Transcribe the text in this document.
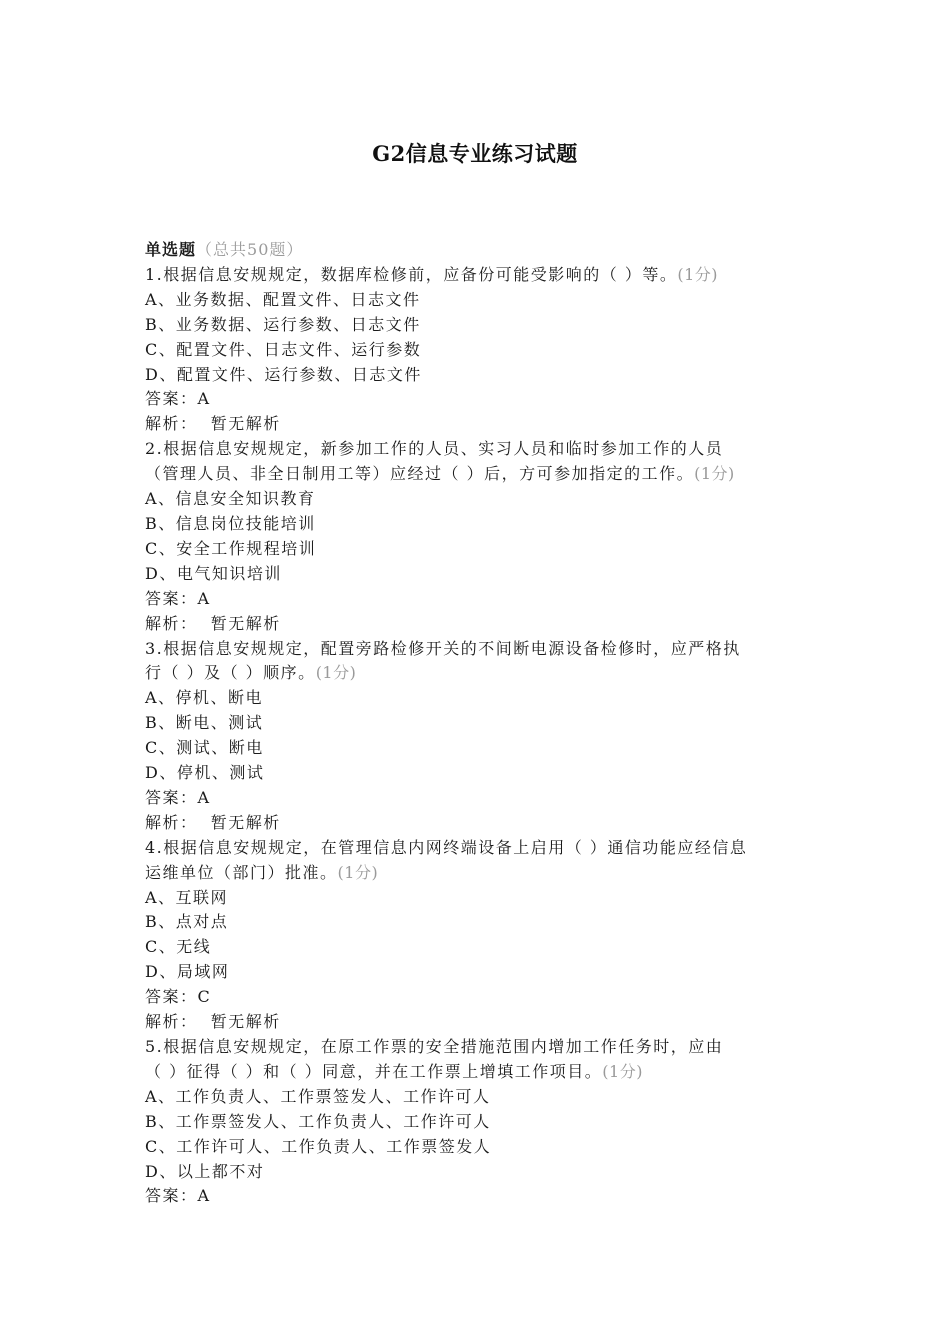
G2信息专业练习试题
单选题（总共50题）
1.根据信息安规规定，数据库检修前，应备份可能受影响的（ ）等。(1分)
A、业务数据、配置文件、日志文件
B、业务数据、运行参数、日志文件
C、配置文件、日志文件、运行参数
D、配置文件、运行参数、日志文件
答案：A
解析： 暂无解析
2.根据信息安规规定，新参加工作的人员、实习人员和临时参加工作的人员
（管理人员、非全日制用工等）应经过（ ）后，方可参加指定的工作。(1分)
A、信息安全知识教育
B、信息岗位技能培训
C、安全工作规程培训
D、电气知识培训
答案：A
解析： 暂无解析
3.根据信息安规规定，配置旁路检修开关的不间断电源设备检修时，应严格执
行（ ）及（ ）顺序。(1分)
A、停机、断电
B、断电、测试
C、测试、断电
D、停机、测试
答案：A
解析： 暂无解析
4.根据信息安规规定，在管理信息内网终端设备上启用（ ）通信功能应经信息
运维单位（部门）批准。(1分)
A、互联网
B、点对点
C、无线
D、局域网
答案：C
解析： 暂无解析
5.根据信息安规规定，在原工作票的安全措施范围内增加工作任务时，应由
（ ）征得（ ）和（ ）同意，并在工作票上增填工作项目。(1分)
A、工作负责人、工作票签发人、工作许可人
B、工作票签发人、工作负责人、工作许可人
C、工作许可人、工作负责人、工作票签发人
D、以上都不对
答案：A
